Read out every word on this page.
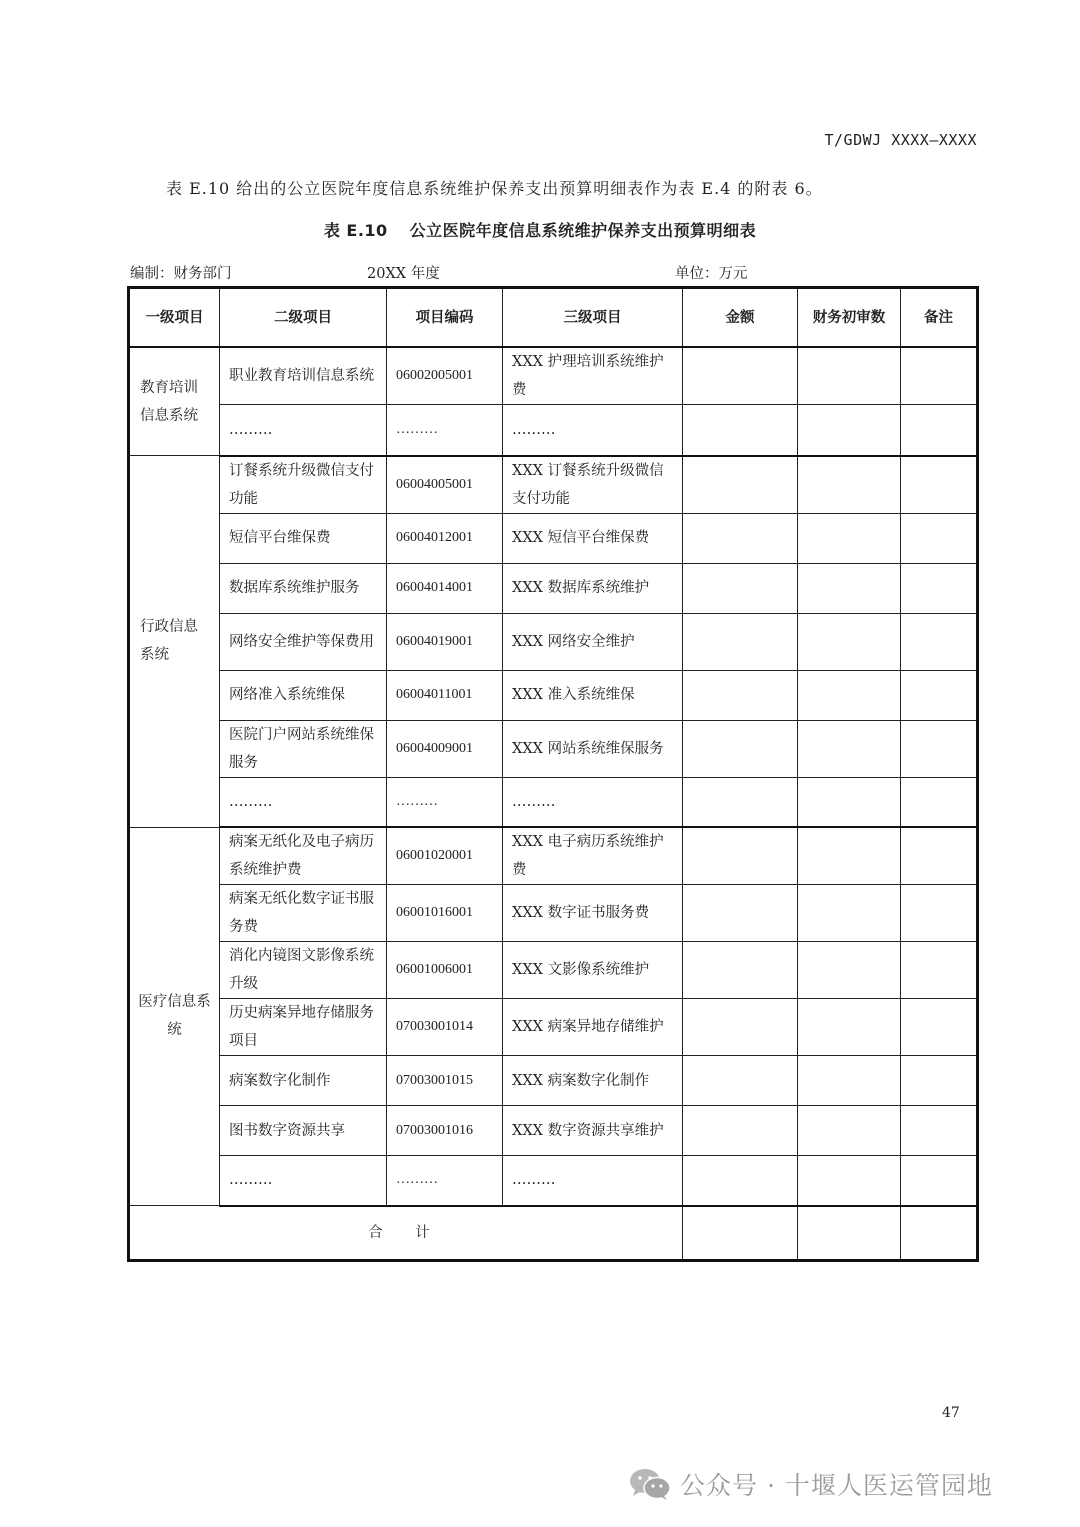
T/GDWJ XXXX—XXXX
表 E.10 给出的公立医院年度信息系统维护保养支出预算明细表作为表 E.4 的附表 6。
表 E.10 公立医院年度信息系统维护保养支出预算明细表
编制：财务部门	20XX 年度	单位：万元
一级项目	二级项目	项目编码	三级项目	金额	财务初审数	备注
教育培训信息系统	职业教育培训信息系统	06002005001	XXX 护理培训系统维护费			
	………	………	………			
行政信息系统	订餐系统升级微信支付功能	06004005001	XXX 订餐系统升级微信支付功能			
	短信平台维保费	06004012001	XXX 短信平台维保费			
	数据库系统维护服务	06004014001	XXX 数据库系统维护			
	网络安全维护等保费用	06004019001	XXX 网络安全维护			
	网络准入系统维保	06004011001	XXX 准入系统维保			
	医院门户网站系统维保服务	06004009001	XXX 网站系统维保服务			
	………	………	………			
医疗信息系统	病案无纸化及电子病历系统维护费	06001020001	XXX 电子病历系统维护费			
	病案无纸化数字证书服务费	06001016001	XXX 数字证书服务费			
	消化内镜图文影像系统升级	06001006001	XXX 文影像系统维护			
	历史病案异地存储服务项目	07003001014	XXX 病案异地存储维护			
	病案数字化制作	07003001015	XXX 病案数字化制作			
	图书数字资源共享	07003001016	XXX 数字资源共享维护			
	………	………	………			
合 计						
47
公众号 · 十堰人医运管园地
